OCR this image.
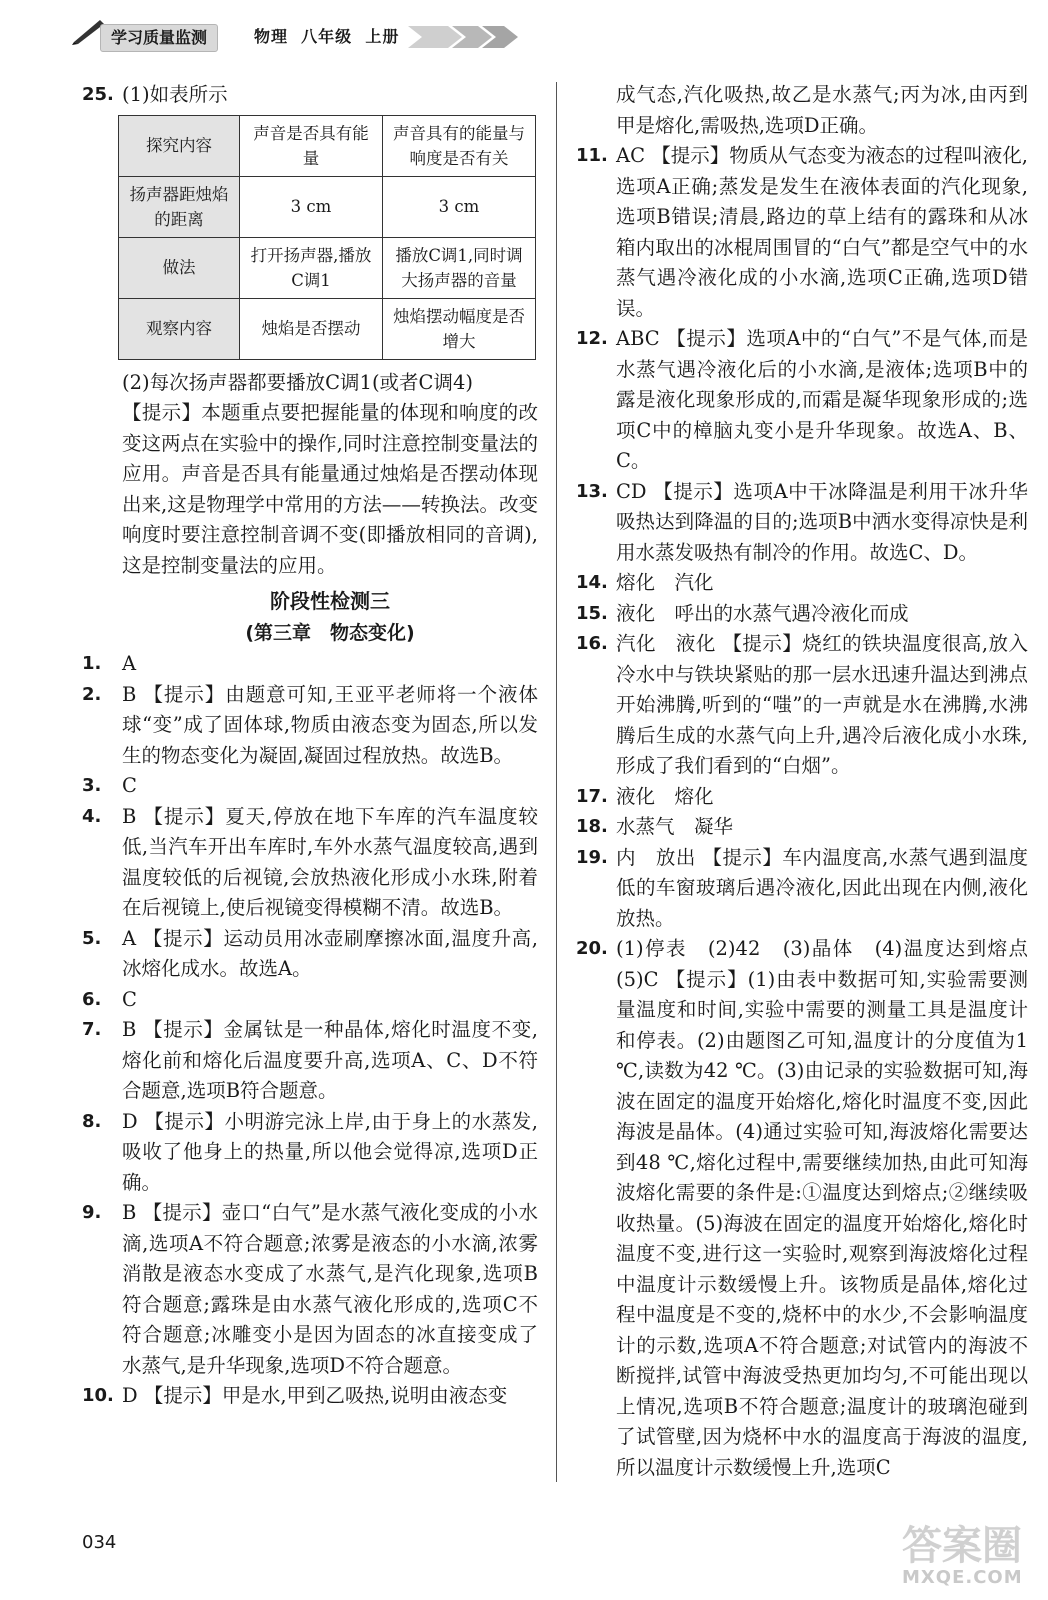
学习质量监测	物理 八年级 上册
25. (1)如表所示
探究内容	声音是否具有能量	声音具有的能量与响度是否有关
扬声器距烛焰的距离	3 cm	3 cm
做法	打开扬声器,播放C调1	播放C调1,同时调大扬声器的音量
观察内容	烛焰是否摆动	烛焰摆动幅度是否增大
(2)每次扬声器都要播放C调1(或者C调4)
【提示】本题重点要把握能量的体现和响度的改变这两点在实验中的操作,同时注意控制变量法的应用。声音是否具有能量通过烛焰是否摆动体现出来,这是物理学中常用的方法——转换法。改变响度时要注意控制音调不变(即播放相同的音调),这是控制变量法的应用。
阶段性检测三
(第三章　物态变化)
1.	A
2.	B 【提示】由题意可知,王亚平老师将一个液体球“变”成了固体球,物质由液态变为固态,所以发生的物态变化为凝固,凝固过程放热。故选B。
3.	C
4.	B 【提示】夏天,停放在地下车库的汽车温度较低,当汽车开出车库时,车外水蒸气温度较高,遇到温度较低的后视镜,会放热液化形成小水珠,附着在后视镜上,使后视镜变得模糊不清。故选B。
5.	A 【提示】运动员用冰壶刷摩擦冰面,温度升高,冰熔化成水。故选A。
6.	C
7.	B 【提示】金属钛是一种晶体,熔化时温度不变,熔化前和熔化后温度要升高,选项A、C、D不符合题意,选项B符合题意。
8.	D 【提示】小明游完泳上岸,由于身上的水蒸发,吸收了他身上的热量,所以他会觉得凉,选项D正确。
9.	B 【提示】壶口“白气”是水蒸气液化变成的小水滴,选项A不符合题意;浓雾是液态的小水滴,浓雾消散是液态水变成了水蒸气,是汽化现象,选项B符合题意;露珠是由水蒸气液化形成的,选项C不符合题意;冰雕变小是因为固态的冰直接变成了水蒸气,是升华现象,选项D不符合题意。
10. D 【提示】甲是水,甲到乙吸热,说明由液态变
成气态,汽化吸热,故乙是水蒸气;丙为冰,由丙到甲是熔化,需吸热,选项D正确。
11. AC 【提示】物质从气态变为液态的过程叫液化,选项A正确;蒸发是发生在液体表面的汽化现象,选项B错误;清晨,路边的草上结有的露珠和从冰箱内取出的冰棍周围冒的“白气”都是空气中的水蒸气遇冷液化成的小水滴,选项C正确,选项D错误。
12. ABC 【提示】选项A中的“白气”不是气体,而是水蒸气遇冷液化后的小水滴,是液体;选项B中的露是液化现象形成的,而霜是凝华现象形成的;选项C中的樟脑丸变小是升华现象。故选A、B、C。
13. CD 【提示】选项A中干冰降温是利用干冰升华吸热达到降温的目的;选项B中洒水变得凉快是利用水蒸发吸热有制冷的作用。故选C、D。
14. 熔化　汽化
15. 液化　呼出的水蒸气遇冷液化而成
16. 汽化　液化 【提示】烧红的铁块温度很高,放入冷水中与铁块紧贴的那一层水迅速升温达到沸点开始沸腾,听到的“嗤”的一声就是水在沸腾,水沸腾后生成的水蒸气向上升,遇冷后液化成小水珠,形成了我们看到的“白烟”。
17. 液化　熔化
18. 水蒸气　凝华
19. 内　放出 【提示】车内温度高,水蒸气遇到温度低的车窗玻璃后遇冷液化,因此出现在内侧,液化放热。
20. (1)停表　(2)42　(3)晶体　(4)温度达到熔点　(5)C 【提示】(1)由表中数据可知,实验需要测量温度和时间,实验中需要的测量工具是温度计和停表。(2)由题图乙可知,温度计的分度值为1 ℃,读数为42 ℃。(3)由记录的实验数据可知,海波在固定的温度开始熔化,熔化时温度不变,因此海波是晶体。(4)通过实验可知,海波熔化需要达到48 ℃,熔化过程中,需要继续加热,由此可知海波熔化需要的条件是:①温度达到熔点;②继续吸收热量。(5)海波在固定的温度开始熔化,熔化时温度不变,进行这一实验时,观察到海波熔化过程中温度计示数缓慢上升。该物质是晶体,熔化过程中温度是不变的,烧杯中的水少,不会影响温度计的示数,选项A不符合题意;对试管内的海波不断搅拌,试管中海波受热更加均匀,不可能出现以上情况,选项B不符合题意;温度计的玻璃泡碰到了试管壁,因为烧杯中水的温度高于海波的温度,所以温度计示数缓慢上升,选项C
034	答案圈
MXQE.COM
